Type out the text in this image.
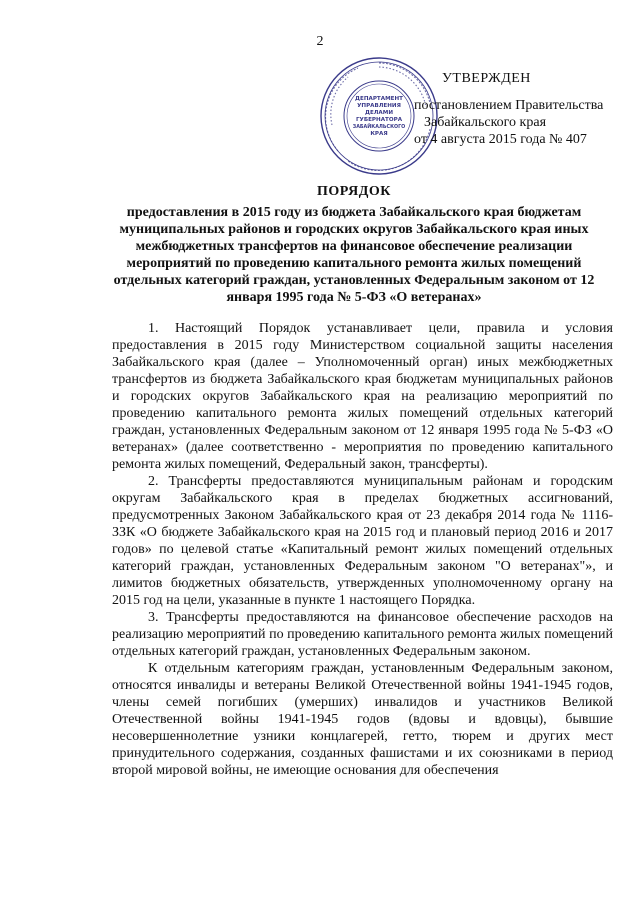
2
ДЕПАРТАМЕНТ
УПРАВЛЕНИЯ
ДЕЛАМИ
ГУБЕРНАТОРА
ЗАБАЙКАЛЬСКОГО
КРАЯ
УТВЕРЖДЕН
постановлением Правительства
Забайкальского края
от 4 августа 2015 года № 407
ПОРЯДОК
предоставления в 2015 году из бюджета Забайкальского края бюджетам муниципальных районов и городских округов Забайкальского края иных межбюджетных трансфертов на финансовое обеспечение реализации мероприятий по проведению капитального ремонта жилых помещений отдельных категорий граждан, установленных Федеральным законом от 12 января 1995 года № 5-ФЗ «О ветеранах»

1. Настоящий Порядок устанавливает цели, правила и условия предоставления в 2015 году Министерством социальной защиты населения Забайкальского края (далее – Уполномоченный орган) иных межбюджетных трансфертов из бюджета Забайкальского края бюджетам муниципальных районов и городских округов Забайкальского края на реализацию мероприятий по проведению капитального ремонта жилых помещений отдельных категорий граждан, установленных Федеральным законом от 12 января 1995 года № 5-ФЗ «О ветеранах» (далее соответственно - мероприятия по проведению капитального ремонта жилых помещений, Федеральный закон, трансферты).

2. Трансферты предоставляются муниципальным районам и городским округам Забайкальского края в пределах бюджетных ассигнований, предусмотренных Законом Забайкальского края от 23 декабря 2014 года № 1116-ЗЗК «О бюджете Забайкальского края на 2015 год и плановый период 2016 и 2017 годов» по целевой статье «Капитальный ремонт жилых помещений отдельных категорий граждан, установленных Федеральным законом "О ветеранах"», и лимитов бюджетных обязательств, утвержденных уполномоченному органу на 2015 год на цели, указанные в пункте 1 настоящего Порядка.

3. Трансферты предоставляются на финансовое обеспечение расходов на реализацию мероприятий по проведению капитального ремонта жилых помещений отдельных категорий граждан, установленных Федеральным законом.

К отдельным категориям граждан, установленным Федеральным законом, относятся инвалиды и ветераны Великой Отечественной войны 1941-1945 годов, члены семей погибших (умерших) инвалидов и участников Великой Отечественной войны 1941-1945 годов (вдовы и вдовцы), бывшие несовершеннолетние узники концлагерей, гетто, тюрем и других мест принудительного содержания, созданных фашистами и их союзниками в период второй мировой войны, не имеющие основания для обеспечения
